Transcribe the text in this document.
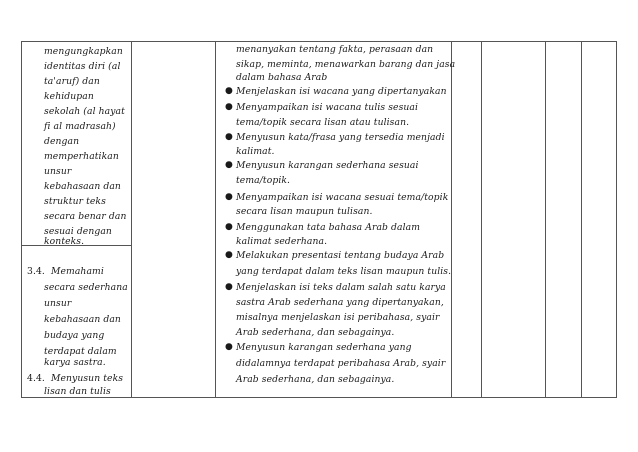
mengungkapkan
identitas diri (al
ta'aruf) dan
kehidupan
sekolah (al hayat
fi al madrasah)
dengan
memperhatikan
unsur
kebahasaan dan
struktur teks
secara benar dan
sesuai dengan
konteks.
3.4. Memahami
secara sederhana
unsur
kebahasaan dan
budaya yang
terdapat dalam
karya sastra.
4.4. Menyusun teks
lisan dan tulis
menanyakan tentang fakta, perasaan dan
sikap, meminta, menawarkan barang dan jasa
dalam bahasa Arab
● Menjelaskan isi wacana yang dipertanyakan
● Menyampaikan isi wacana tulis sesuai
tema/topik secara lisan atau tulisan.
● Menyusun kata/frasa yang tersedia menjadi
kalimat.
● Menyusun karangan sederhana sesuai
tema/topik.
● Menyampaikan isi wacana sesuai tema/topik
secara lisan maupun tulisan.
● Menggunakan tata bahasa Arab dalam
kalimat sederhana.
● Melakukan presentasi tentang budaya Arab
yang terdapat dalam teks lisan maupun tulis.
● Menjelaskan isi teks dalam salah satu karya
sastra Arab sederhana yang dipertanyakan,
misalnya menjelaskan isi peribahasa, syair
Arab sederhana, dan sebagainya.
● Menyusun karangan sederhana yang
didalamnya terdapat peribahasa Arab, syair
Arab sederhana, dan sebagainya.
